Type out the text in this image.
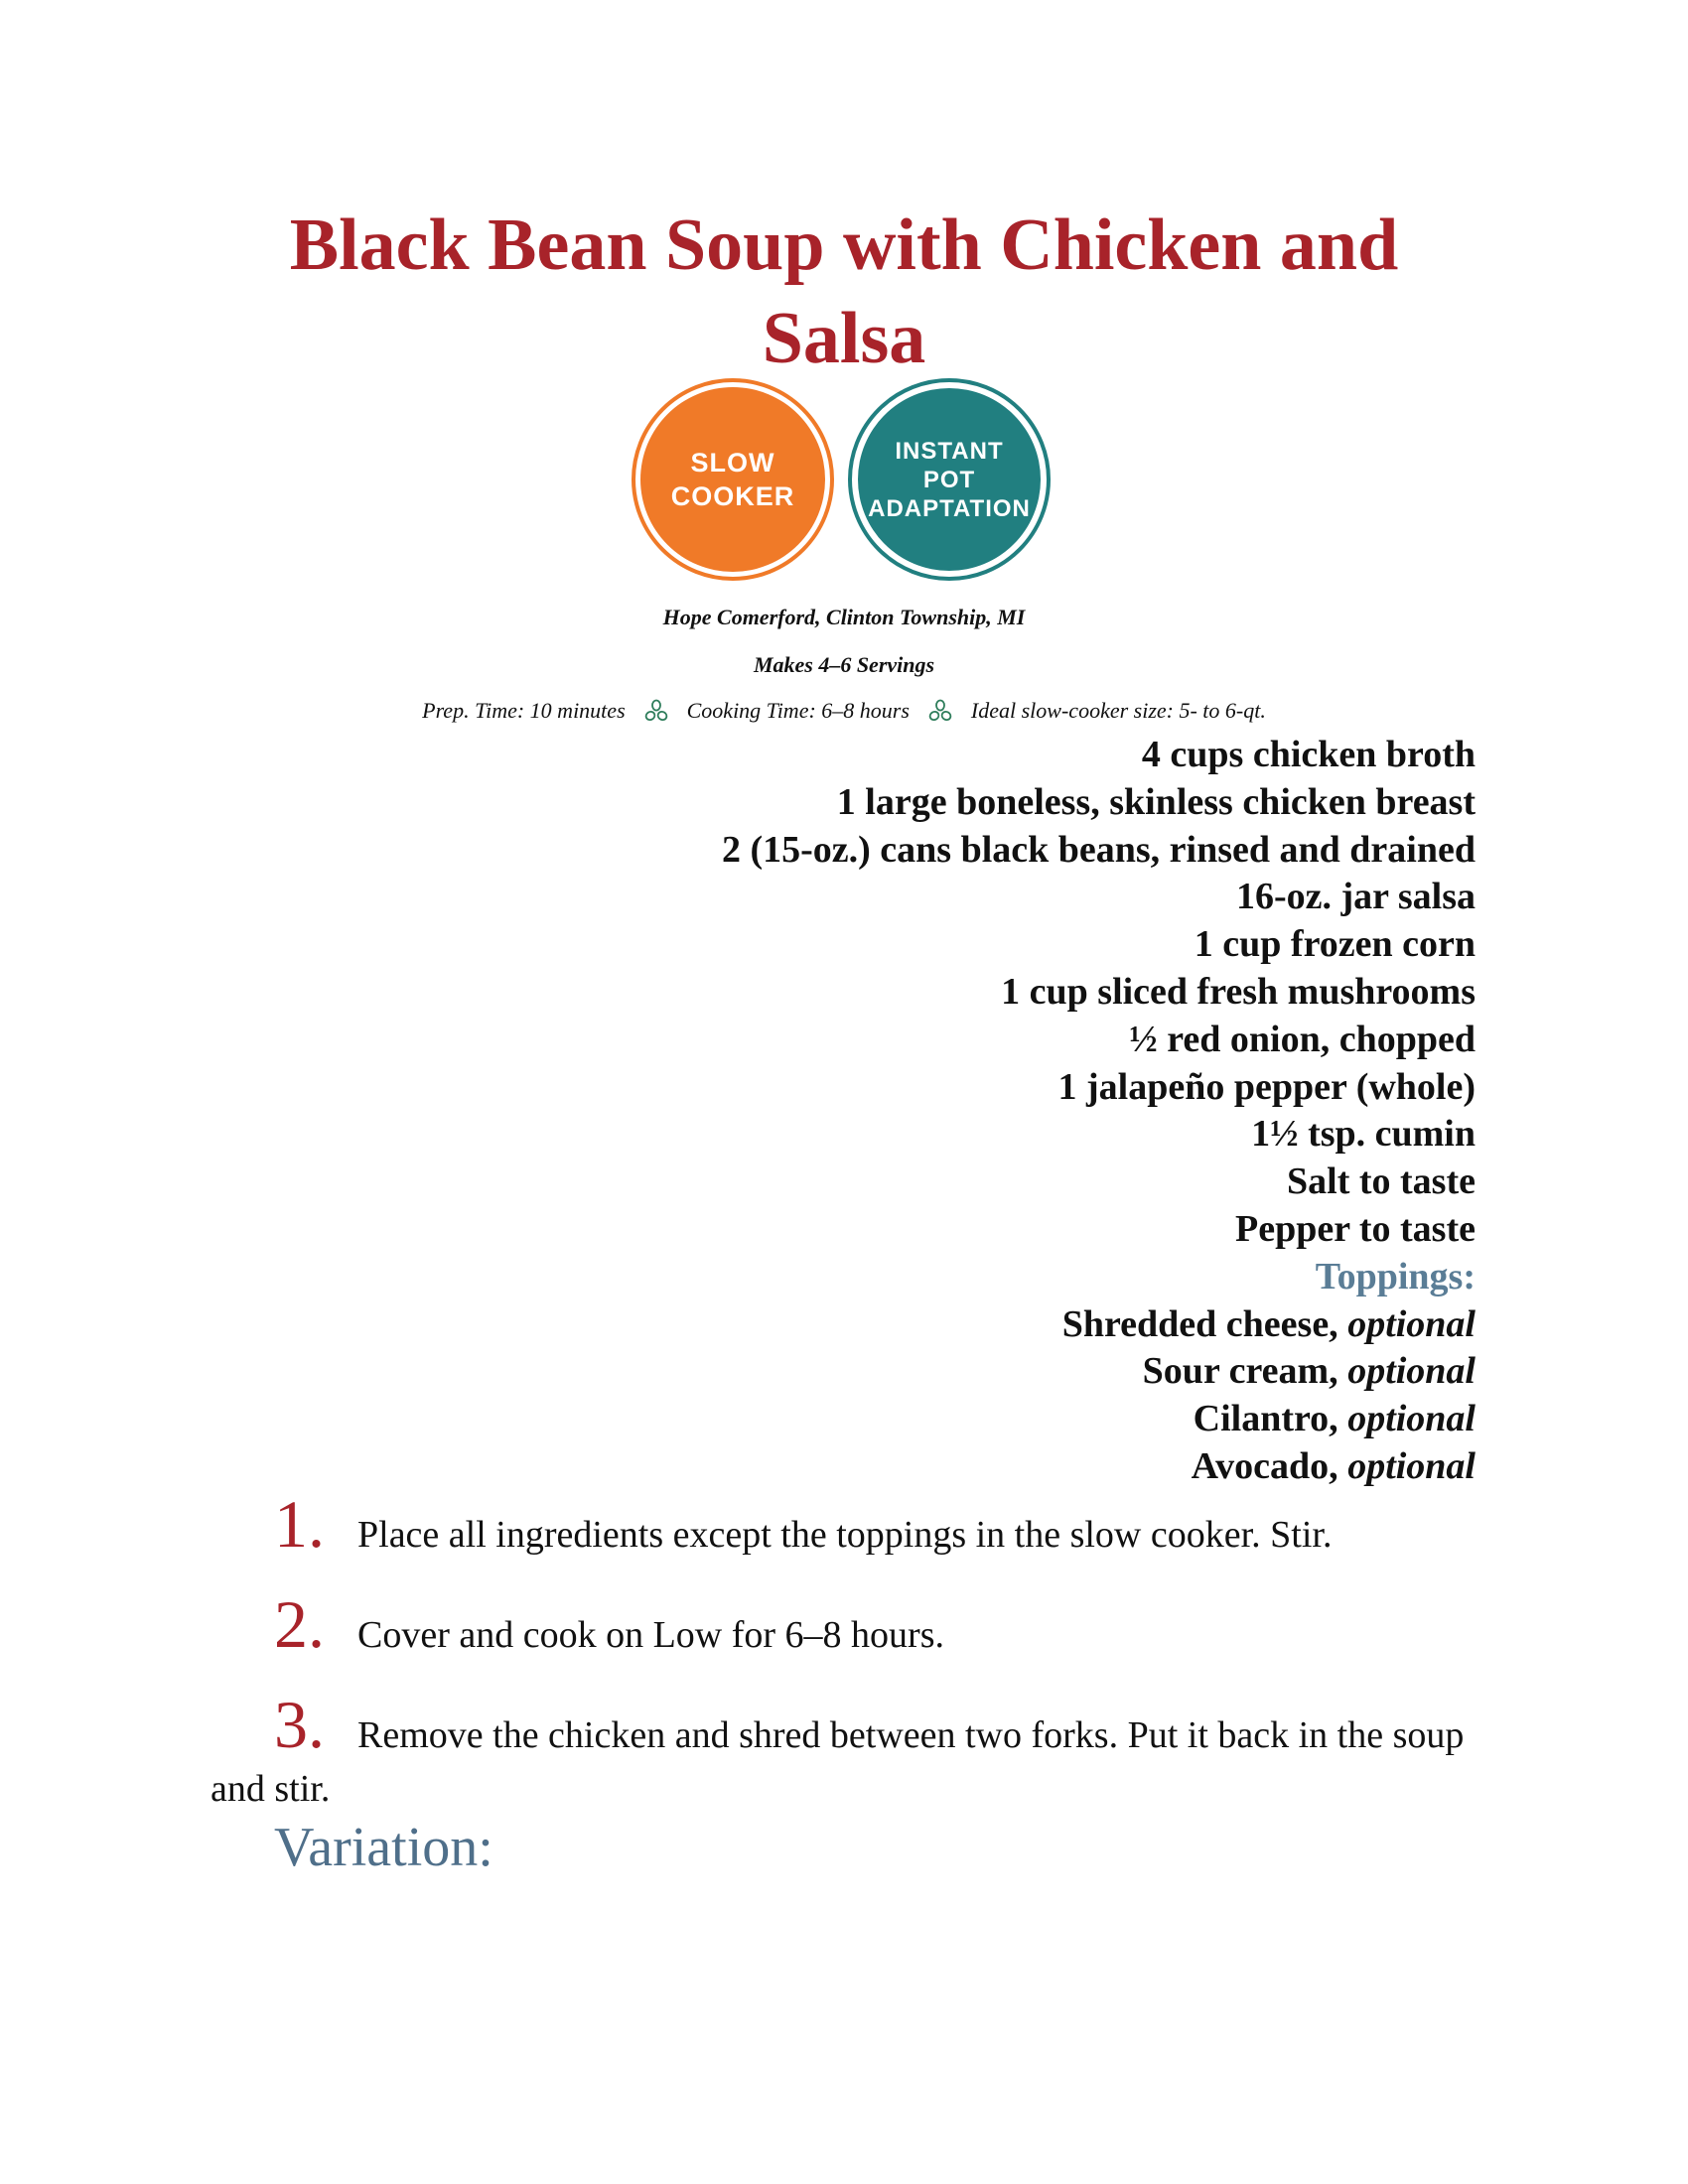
Black Bean Soup with Chicken and Salsa
SLOW
COOKER
INSTANT
POT
ADAPTATION
Hope Comerford, Clinton Township, MI
Makes 4–6 Servings
Prep. Time: 10 minutes	Cooking Time: 6–8 hours	Ideal slow-cooker size: 5- to 6-qt.
4 cups chicken broth
1 large boneless, skinless chicken breast
2 (15-oz.) cans black beans, rinsed and drained
16-oz. jar salsa
1 cup frozen corn
1 cup sliced fresh mushrooms
½ red onion, chopped
1 jalapeño pepper (whole)
1½ tsp. cumin
Salt to taste
Pepper to taste
Toppings:
Shredded cheese, optional
Sour cream, optional
Cilantro, optional
Avocado, optional

1. Place all ingredients except the toppings in the slow cooker. Stir.

2. Cover and cook on Low for 6–8 hours.

3. Remove the chicken and shred between two forks. Put it back in the soup and stir.

Variation:
